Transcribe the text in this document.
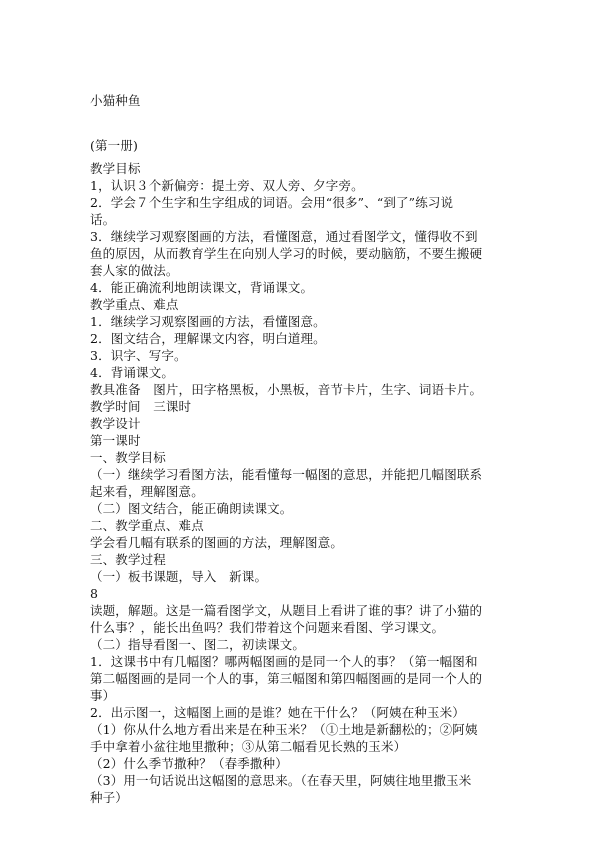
小猫种鱼
(第一册)
教学目标
1，认识３个新偏旁：提土旁、双人旁、夕字旁。
2．学会７个生字和生字组成的词语。会用“很多”、“到了”练习说
话。
3．继续学习观察图画的方法，看懂图意，通过看图学文，懂得收不到
鱼的原因，从而教育学生在向别人学习的时候，要动脑筋，不要生搬硬
套人家的做法。
4．能正确流利地朗读课文，背诵课文。
教学重点、难点
1．继续学习观察图画的方法，看懂图意。
2．图文结合，理解课文内容，明白道理。
3．识字、写字。
4．背诵课文。
教具准备　图片，田字格黑板，小黑板，音节卡片，生字、词语卡片。
教学时间　三课时
教学设计
第一课时
一、教学目标
（一）继续学习看图方法，能看懂每一幅图的意思，并能把几幅图联系
起来看，理解图意。
（二）图文结合，能正确朗读课文。
二、教学重点、难点
学会看几幅有联系的图画的方法，理解图意。
三、教学过程
（一）板书课题，导入　新课。
8
读题，解题。这是一篇看图学文，从题目上看讲了谁的事？讲了小猫的
什么事？，能长出鱼吗？我们带着这个问题来看图、学习课文。
（二）指导看图一、图二，初读课文。
1．这课书中有几幅图？哪两幅图画的是同一个人的事？（第一幅图和
第二幅图画的是同一个人的事，第三幅图和第四幅图画的是同一个人的
事）
2．出示图一，这幅图上画的是谁？她在干什么？（阿姨在种玉米）
（1）你从什么地方看出来是在种玉米？（①土地是新翻松的；②阿姨
手中拿着小盆往地里撒种；③从第二幅看见长熟的玉米）
（2）什么季节撒种？（春季撒种）
（3）用一句话说出这幅图的意思来。（在春天里，阿姨往地里撒玉米
种子）
